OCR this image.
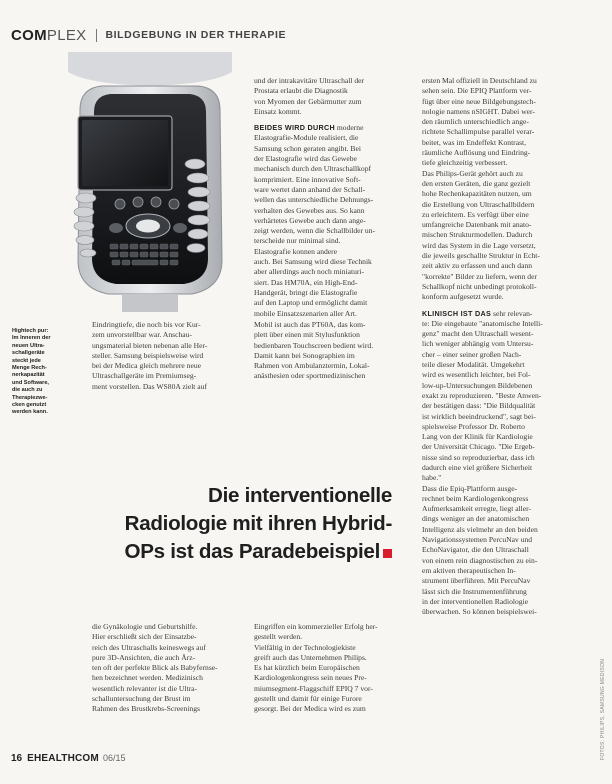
COM PLEX BILDGEBUNG IN DER THERAPIE
Hightech pur:
Im Inneren der
neuen Ultra-
schallgeräte
steckt jede
Menge Rech-
nerkapazität
und Software,
die auch zu
Therapiezwe-
cken genutzt
werden kann.
und der intrakavitäre Ultraschall der
Prostata erlaubt die Diagnostik
von Myomen der Gebärmutter zum
Einsatz kommt.
BEIDES WIRD DURCH moderne
Elastografie-Module realisiert, die
Samsung schon geraten angibt. Bei
der Elastografie wird das Gewebe
mechanisch durch den Ultraschallkopf
komprimiert. Eine innovative Soft-
ware wertet dann anhand der Schall-
wellen das unterschiedliche Dehnungs-
verhalten des Gewebes aus. So kann
verhärtetes Gewebe auch dann ange-
zeigt werden, wenn die Schallbilder un-
terscheide nur minimal sind.
Elastografie konnen andere
auch. Bei Samsung wird diese Technik
aber allerdings auch noch miniaturi-
siert. Das HM70A, ein High-End-
Handgerät, bringt die Elastografie
auf den Laptop und ermöglicht damit
mobile Einsatzszenarien aller Art.
ersten Mal offiziell in Deutschland zu
sehen sein. Die EPIQ Plattform ver-
fügt über eine neue Bildgebungstech-
nologie namens nSIGHT. Dabei wer-
den räumlich unterschiedlich ange-
richtete Schallimpulse parallel verar-
beitet, was im Endeffekt Kontrast,
räumliche Auflösung und Eindring-
tiefe gleichzeitig verbessert.
Das Philips-Gerät gehört auch zu
den ersten Geräten, die ganz gezielt
hohe Rechenkapazitäten nutzen, um
die Erstellung von Ultraschallbildern
zu erleichtern. Es verfügt über eine
umfangreiche Datenbank mit anato-
mischen Strukturmodellen. Dadurch
wird das System in die Lage versetzt,
die jeweils geschallte Struktur in Echt-
zeit aktiv zu erfassen und auch dann
"korrekte" Bilder zu liefern, wenn der
Schallkopf nicht unbedingt protokoll-
konform aufgesetzt wurde.
KLINISCH IST DAS sehr relevan-
te: Die eingebaute "anatomische Intelli-
genz" macht den Ultraschall wesent-
lich weniger abhängig vom Untersu-
cher – einer seiner großen Nach-
teile dieser Modalität. Umgekehrt
wird es wesentlich leichter, bei Fol-
low-up-Untersuchungen Bildebenen
exakt zu reproduzieren. "Beste Anwen-
der bestätigen dass: "Die Bildqualität
ist wirklich beeindruckend", sagt bei-
spielsweise Professor Dr. Roberto
Lang von der Klinik für Kardiologie
der Universität Chicago. "Die Ergeb-
nisse sind so reproduzierbar, dass ich
dadurch eine viel größere Sicherheit
habe."
Dass die Epiq-Plattform ausge-
rechnet beim Kardiologenkongress
Aufmerksamkeit erregte, liegt aller-
dings weniger an der anatomischen
Intelligenz als vielmehr an den beiden
Navigationssystemen PercuNav und
EchoNavigator, die den Ultraschall
von einem rein diagnostischen zu ein-
em aktiven therapeutischen In-
strument überführen. Mit PercuNav
lässt sich die Instrumentenführung
in der interventionellen Radiologie
überwachen. So können beispielswei-
Eindringtiefe, die noch bis vor Kur-
zem unvorstellbar war. Anschau-
ungsmaterial bieten nebenan alle Her-
steller. Samsung beispielsweise wird
bei der Medica gleich mehrere neue
Ultraschallgeräte im Premiumseg-
ment vorstellen. Das WS80A zielt auf
Mobil ist auch das PT60A, das kom-
plett über einen mit Stylusfunktion
bedienbaren Touchscreen bedient wird.
Damit kann bei Sonographien im
Rahmen von Ambulanztermin, Lokal-
anästhesien oder sportmedizinischen
Die interventionelle
Radiologie mit ihren Hybrid-
OPs ist das Paradebeispiel
die Gynäkologie und Geburtshilfe.
Hier erschließt sich der Einsatzbe-
reich des Ultraschalls keineswegs auf
pure 3D-Ansichten, die auch Ärz-
ten oft der perfekte Blick als Babyfernse-
hen bezeichnet werden. Medizinisch
wesentlich relevanter ist die Ultra-
schalluntersuchung der Brust im
Rahmen des Brustkrebs-Screenings
Eingriffen ein kommerzieller Erfolg her-
gestellt werden.
Vielfältig in der Technologiekiste
greift auch das Unternehmen Philips.
Es hat kürzlich beim Europäischen
Kardiologenkongress sein neues Pre-
miumsegment-Flaggschiff EPIQ 7 vor-
gestellt und damit für einige Furore
gesorgt. Bei der Medica wird es zum
16 EHEALTHCOM 06/15	FOTOS: PHILIPS, SAMSUNG MEDISON
